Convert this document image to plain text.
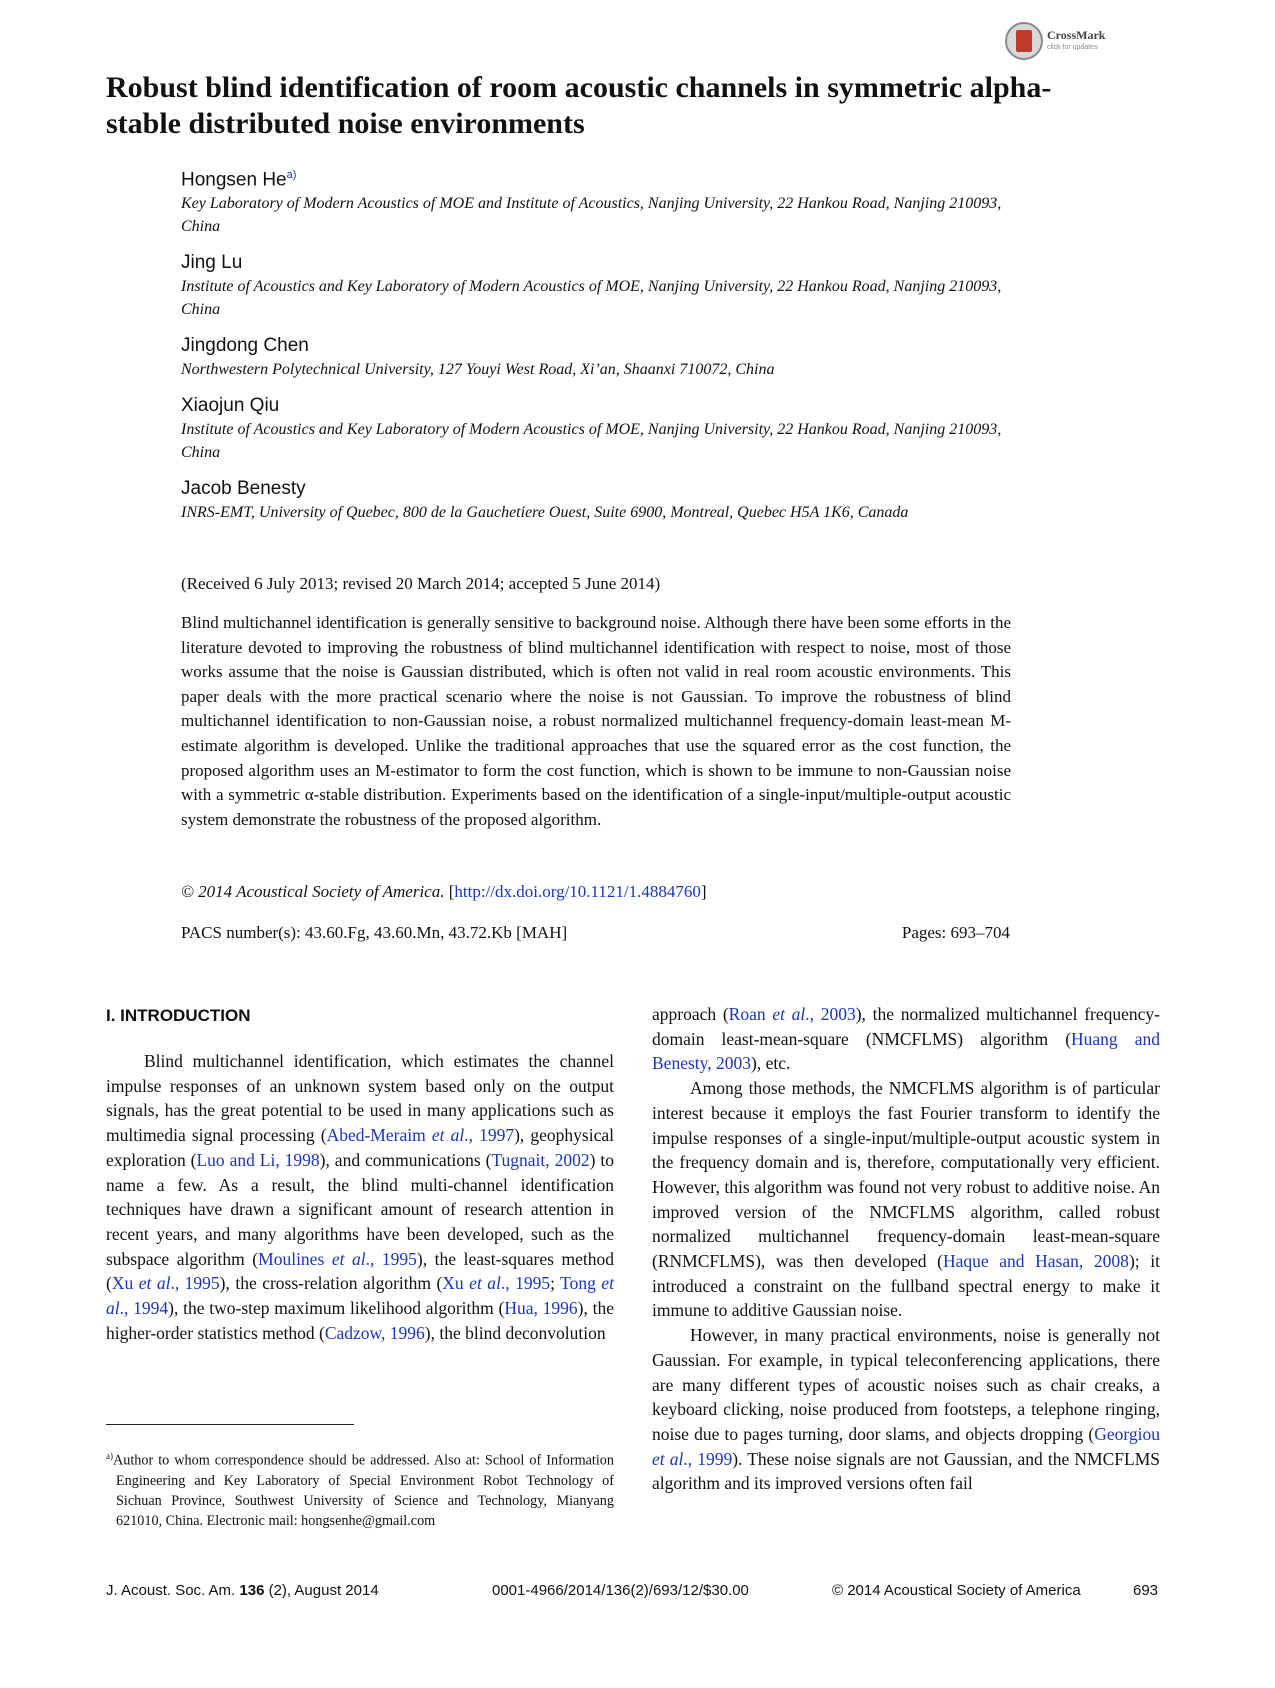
CrossMark
click for updates
Robust blind identification of room acoustic channels in symmetric alpha-stable distributed noise environments
Hongsen He$^{a)}$
Key Laboratory of Modern Acoustics of MOE and Institute of Acoustics, Nanjing University, 22 Hankou Road, Nanjing 210093, China
Jing Lu
Institute of Acoustics and Key Laboratory of Modern Acoustics of MOE, Nanjing University, 22 Hankou Road, Nanjing 210093, China
Jingdong Chen
Northwestern Polytechnical University, 127 Youyi West Road, Xi’an, Shaanxi 710072, China
Xiaojun Qiu
Institute of Acoustics and Key Laboratory of Modern Acoustics of MOE, Nanjing University, 22 Hankou Road, Nanjing 210093, China
Jacob Benesty
INRS-EMT, University of Quebec, 800 de la Gauchetiere Ouest, Suite 6900, Montreal, Quebec H5A 1K6, Canada
(Received 6 July 2013; revised 20 March 2014; accepted 5 June 2014)

Blind multichannel identification is generally sensitive to background noise. Although there have been some efforts in the literature devoted to improving the robustness of blind multichannel identification with respect to noise, most of those works assume that the noise is Gaussian distributed, which is often not valid in real room acoustic environments. This paper deals with the more practical scenario where the noise is not Gaussian. To improve the robustness of blind multichannel identification to non-Gaussian noise, a robust normalized multichannel frequency-domain least-mean M-estimate algorithm is developed. Unlike the traditional approaches that use the squared error as the cost function, the proposed algorithm uses an M-estimator to form the cost function, which is shown to be immune to non-Gaussian noise with a symmetric α-stable distribution. Experiments based on the identification of a single-input/multiple-output acoustic system demonstrate the robustness of the proposed algorithm.

© 2014 Acoustical Society of America. [http://dx.doi.org/10.1121/1.4884760]
PACS number(s): 43.60.Fg, 43.60.Mn, 43.72.Kb [MAH]	Pages: 693–704
I. INTRODUCTION

Blind multichannel identification, which estimates the channel impulse responses of an unknown system based only on the output signals, has the great potential to be used in many applications such as multimedia signal processing (Abed-Meraim et al., 1997), geophysical exploration (Luo and Li, 1998), and communications (Tugnait, 2002) to name a few. As a result, the blind multi-channel identification techniques have drawn a significant amount of research attention in recent years, and many algorithms have been developed, such as the subspace algorithm (Moulines et al., 1995), the least-squares method (Xu et al., 1995), the cross-relation algorithm (Xu et al., 1995; Tong et al., 1994), the two-step maximum likelihood algorithm (Hua, 1996), the higher-order statistics method (Cadzow, 1996), the blind deconvolution

approach (Roan et al., 2003), the normalized multichannel frequency-domain least-mean-square (NMCFLMS) algorithm (Huang and Benesty, 2003), etc.

Among those methods, the NMCFLMS algorithm is of particular interest because it employs the fast Fourier transform to identify the impulse responses of a single-input/multiple-output acoustic system in the frequency domain and is, therefore, computationally very efficient. However, this algorithm was found not very robust to additive noise. An improved version of the NMCFLMS algorithm, called robust normalized multichannel frequency-domain least-mean-square (RNMCFLMS), was then developed (Haque and Hasan, 2008); it introduced a constraint on the fullband spectral energy to make it immune to additive Gaussian noise.

However, in many practical environments, noise is generally not Gaussian. For example, in typical teleconferencing applications, there are many different types of acoustic noises such as chair creaks, a keyboard clicking, noise produced from footsteps, a telephone ringing, noise due to pages turning, door slams, and objects dropping (Georgiou et al., 1999). These noise signals are not Gaussian, and the NMCFLMS algorithm and its improved versions often fail

$^{a)}$Author to whom correspondence should be addressed. Also at: School of Information Engineering and Key Laboratory of Special Environment Robot Technology of Sichuan Province, Southwest University of Science and Technology, Mianyang 621010, China. Electronic mail: hongsenhe@gmail.com
J. Acoust. Soc. Am. 136 (2), August 2014	0001-4966/2014/136(2)/693/12/$30.00	© 2014 Acoustical Society of America	693
